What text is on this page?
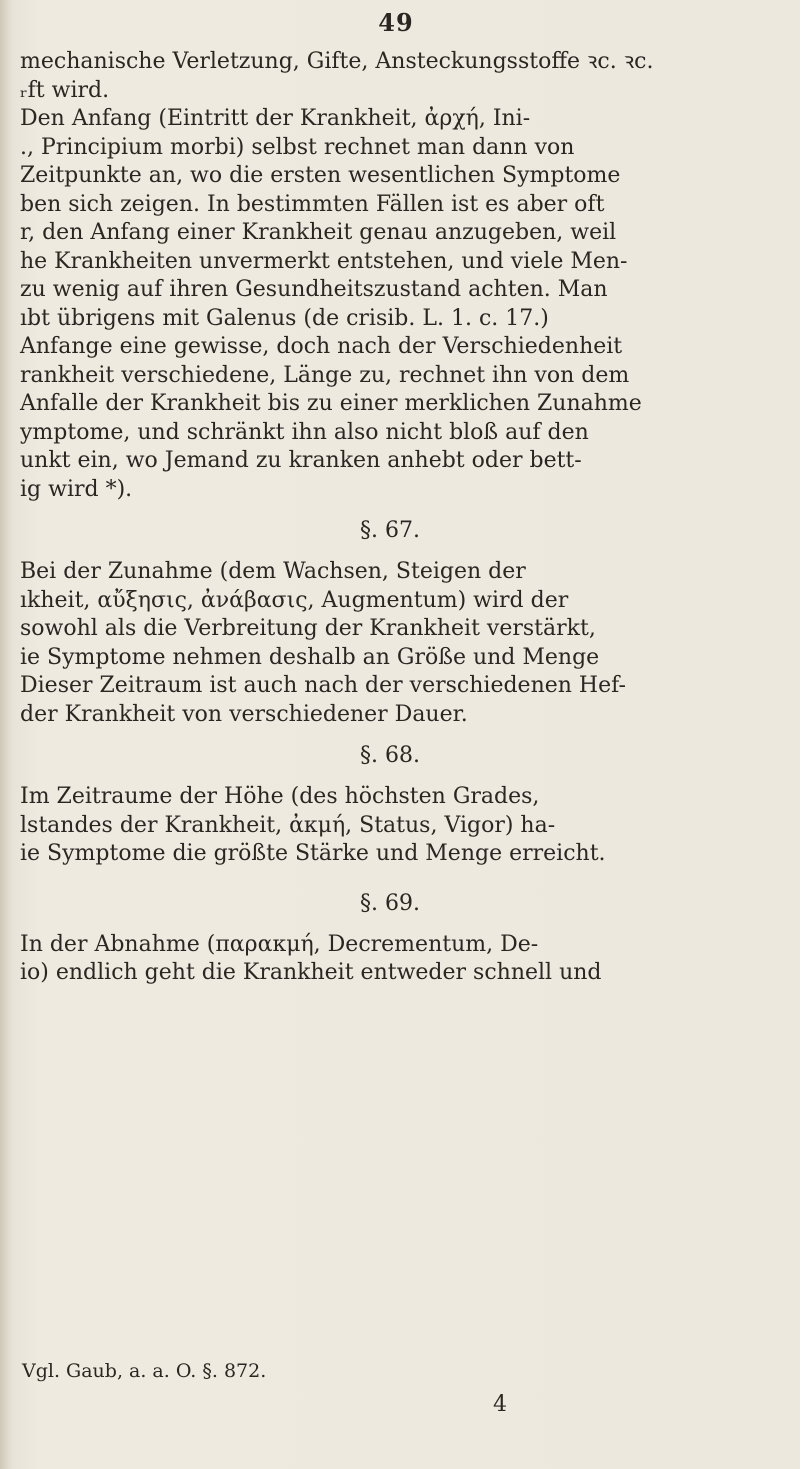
49
mechanische Verletzung, Gifte, Ansteckungsstoffe ꝛc. ꝛc.
ᵣft wird.
Den Anfang (Eintritt der Krankheit, ἀρχή, Ini-
., Principium morbi) selbst rechnet man dann von
Zeitpunkte an, wo die ersten wesentlichen Symptome
ben sich zeigen. In bestimmten Fällen ist es aber oft
r, den Anfang einer Krankheit genau anzugeben, weil
he Krankheiten unvermerkt entstehen, und viele Men-
zu wenig auf ihren Gesundheitszustand achten. Man
ıbt übrigens mit Galenus (de crisib. L. 1. c. 17.)
Anfange eine gewisse, doch nach der Verschiedenheit
rankheit verschiedene, Länge zu, rechnet ihn von dem
Anfalle der Krankheit bis zu einer merklichen Zunahme
ymptome, und schränkt ihn also nicht bloß auf den
unkt ein, wo Jemand zu kranken anhebt oder bett-
ig wird *).
§. 67.
Bei der Zunahme (dem Wachsen, Steigen der
ıkheit, αὔξησις, ἀνάβασις, Augmentum) wird der
sowohl als die Verbreitung der Krankheit verstärkt,
ie Symptome nehmen deshalb an Größe und Menge
Dieser Zeitraum ist auch nach der verschiedenen Hef-
der Krankheit von verschiedener Dauer.
§. 68.
Im Zeitraume der Höhe (des höchsten Grades,
lstandes der Krankheit, ἀκμή, Status, Vigor) ha-
ie Symptome die größte Stärke und Menge erreicht.
§. 69.
In der Abnahme (παρακμή, Decrementum, De-
io) endlich geht die Krankheit entweder schnell und
Vgl. Gaub, a. a. O. §. 872.
4
